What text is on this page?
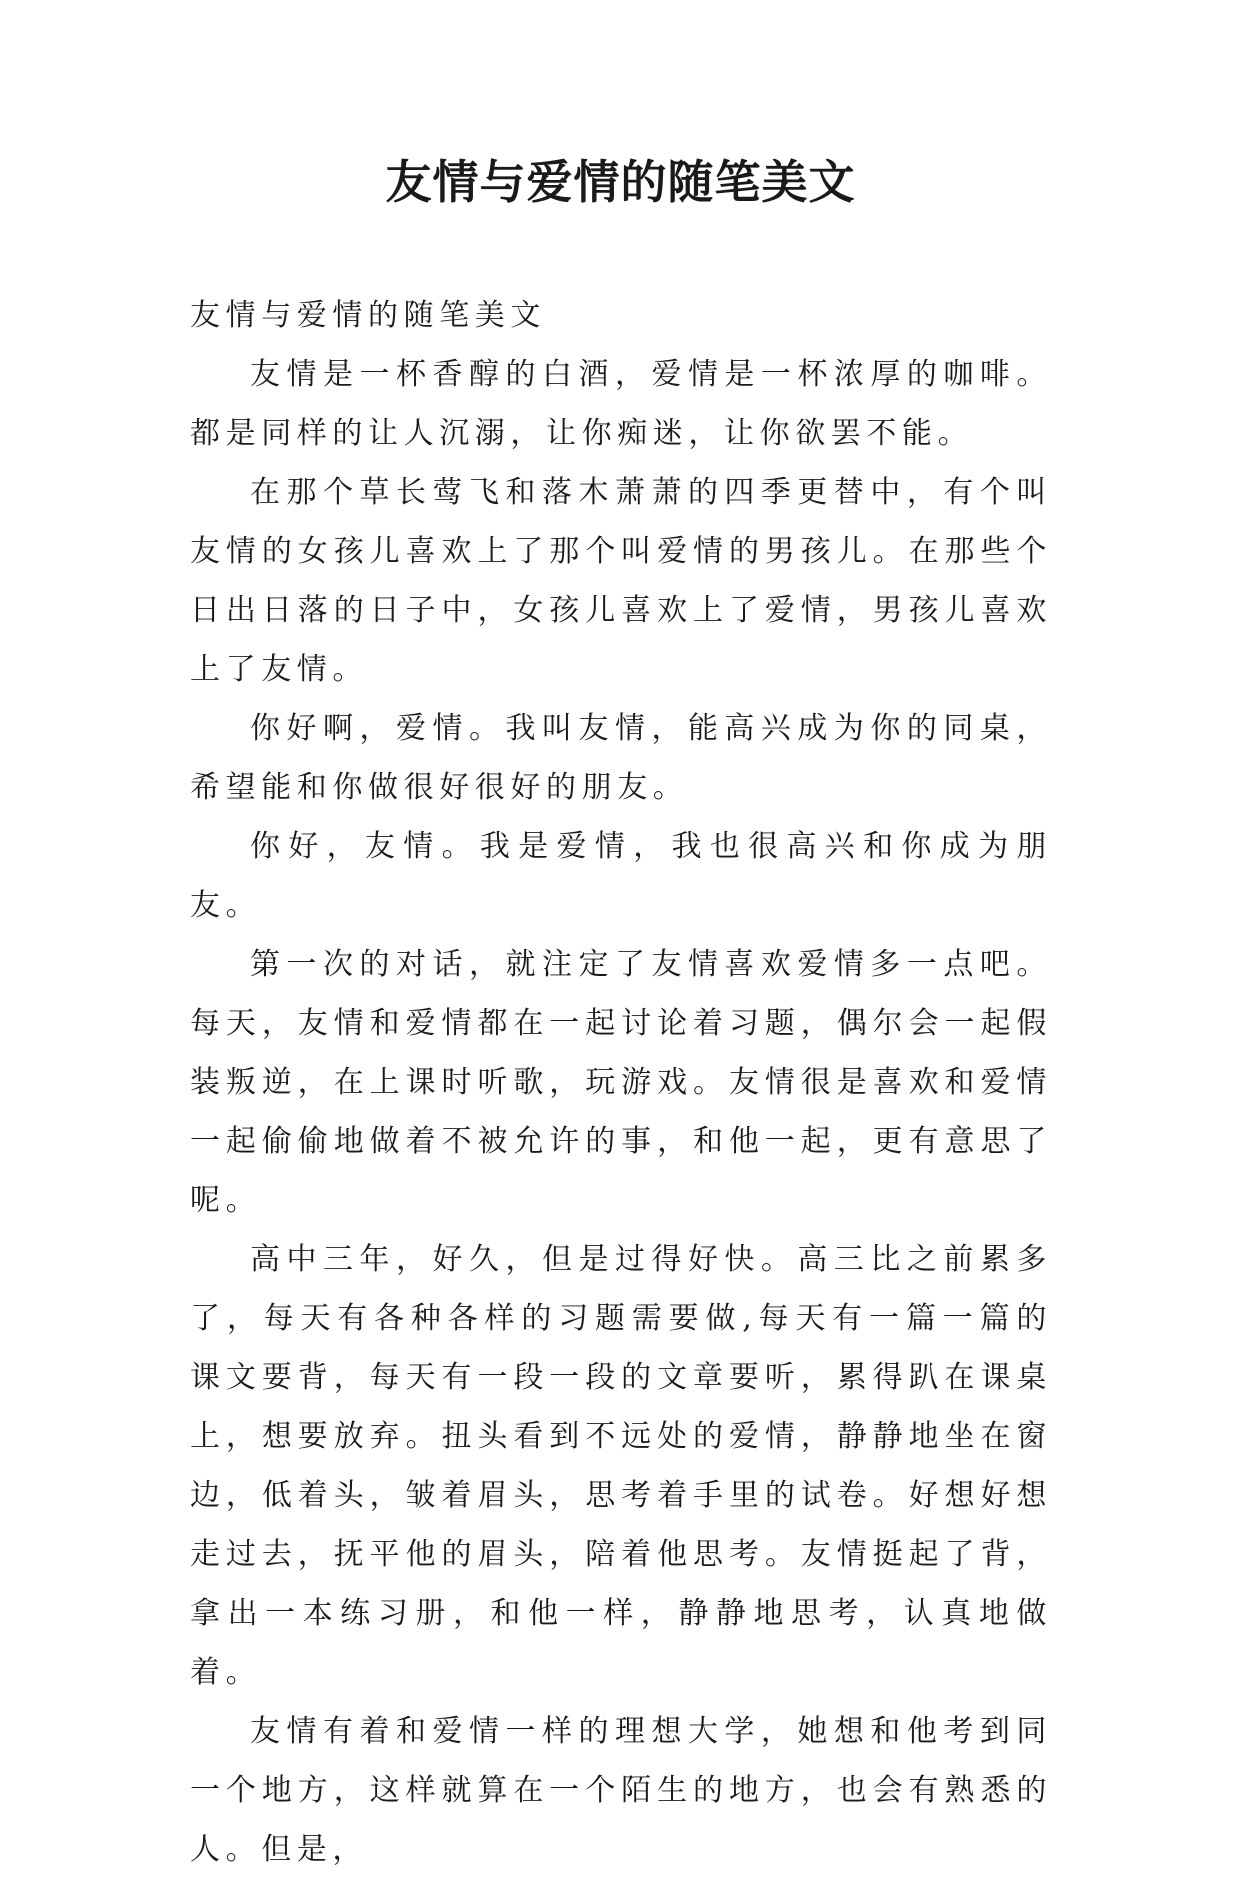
友情与爱情的随笔美文

友情与爱情的随笔美文

友情是一杯香醇的白酒，爱情是一杯浓厚的咖啡。都是同样的让人沉溺，让你痴迷，让你欲罢不能。

在那个草长莺飞和落木萧萧的四季更替中，有个叫友情的女孩儿喜欢上了那个叫爱情的男孩儿。在那些个日出日落的日子中，女孩儿喜欢上了爱情，男孩儿喜欢上了友情。

你好啊，爱情。我叫友情，能高兴成为你的同桌，希望能和你做很好很好的朋友。

你好，友情。我是爱情，我也很高兴和你成为朋友。

第一次的对话，就注定了友情喜欢爱情多一点吧。每天，友情和爱情都在一起讨论着习题，偶尔会一起假装叛逆，在上课时听歌，玩游戏。友情很是喜欢和爱情一起偷偷地做着不被允许的事，和他一起，更有意思了呢。

高中三年，好久，但是过得好快。高三比之前累多了，每天有各种各样的习题需要做,每天有一篇一篇的课文要背，每天有一段一段的文章要听，累得趴在课桌上，想要放弃。扭头看到不远处的爱情，静静地坐在窗边，低着头，皱着眉头，思考着手里的试卷。好想好想走过去，抚平他的眉头，陪着他思考。友情挺起了背，拿出一本练习册，和他一样，静静地思考，认真地做着。

友情有着和爱情一样的理想大学，她想和他考到同一个地方，这样就算在一个陌生的地方，也会有熟悉的人。但是，
